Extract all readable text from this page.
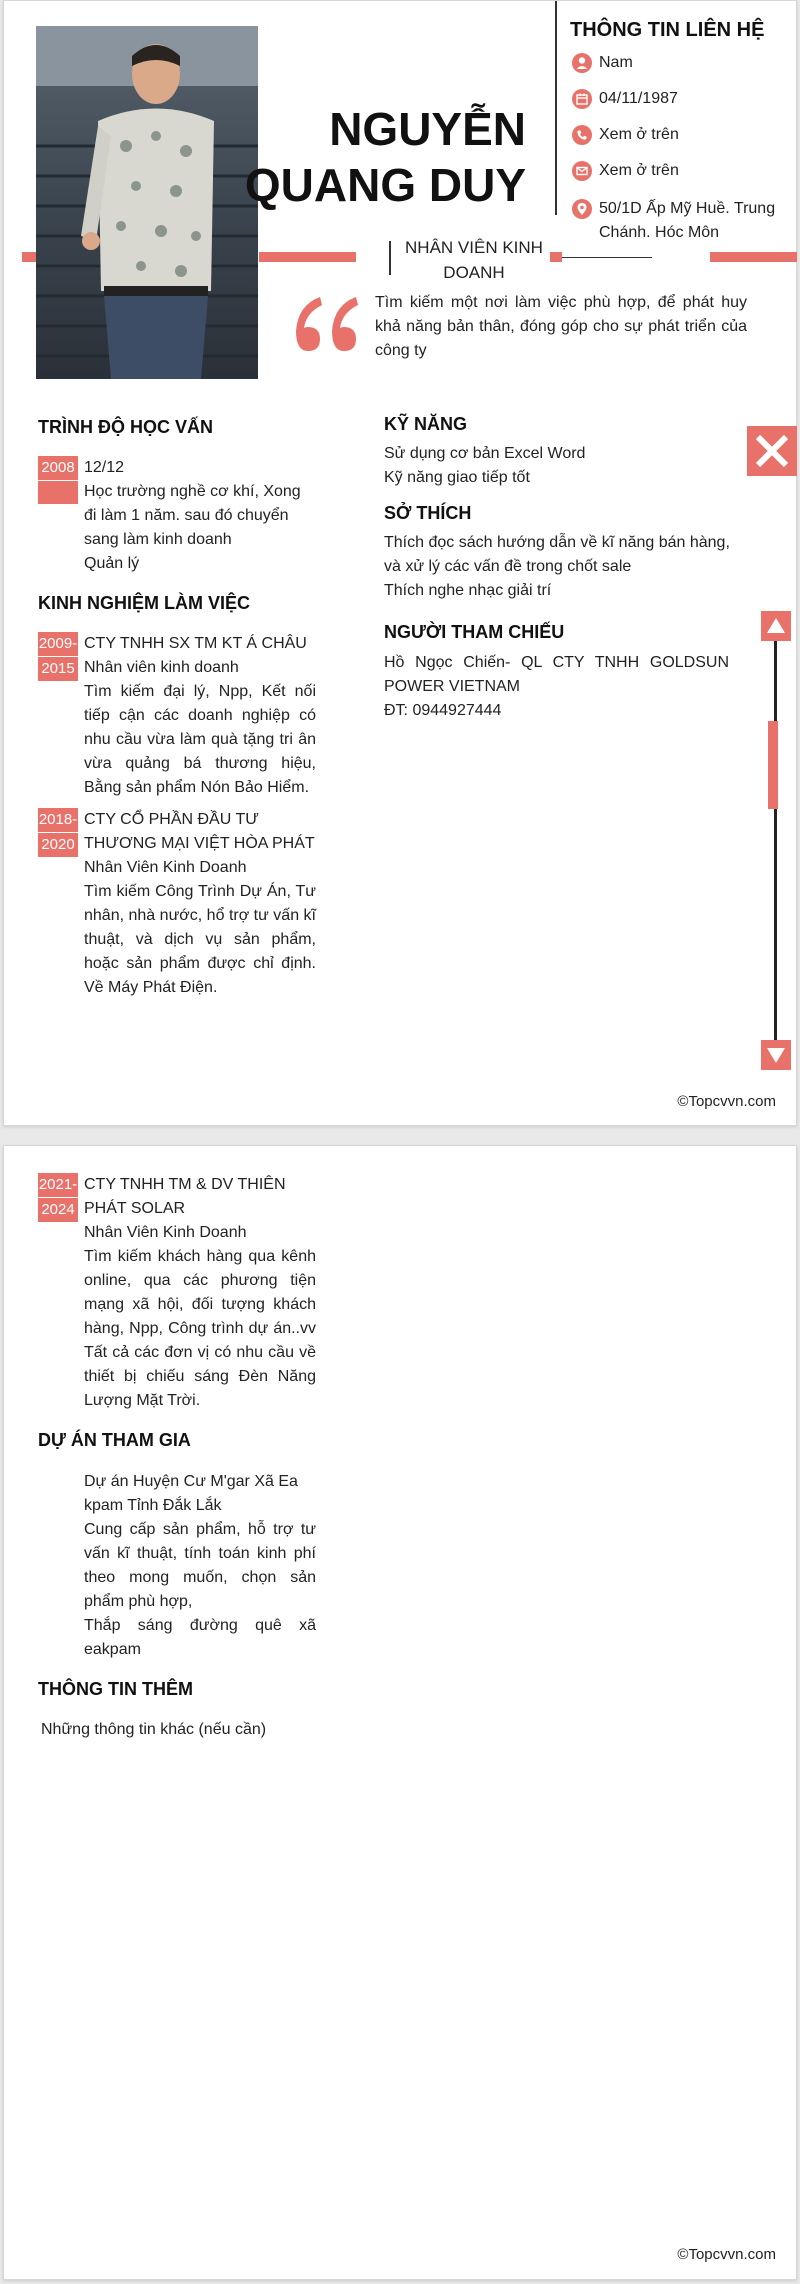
NGUYỄN
QUANG DUY
NHÂN VIÊN KINH DOANH
Tìm kiếm một nơi làm việc phù hợp, để phát huy khả năng bản thân, đóng góp cho sự phát triển của công ty
THÔNG TIN LIÊN HỆ
Nam
04/11/1987
Xem ở trên
Xem ở trên
50/1D Ấp Mỹ Huề. Trung Chánh. Hóc Môn
TRÌNH ĐỘ HỌC VẤN
2008 12/12
Học trường nghề cơ khí, Xong đi làm 1 năm. sau đó chuyển sang làm kinh doanh
Quản lý
KINH NGHIỆM LÀM VIỆC
2009-
2015
CTY TNHH SX TM KT Á CHÂU
Nhân viên kinh doanh
Tìm kiếm đại lý, Npp, Kết nối tiếp cận các doanh nghiệp có nhu cầu vừa làm quà tặng tri ân vừa quảng bá thương hiệu, Bằng sản phẩm Nón Bảo Hiểm.
2018-
2020
CTY CỔ PHẦN ĐẦU TƯ THƯƠNG MẠI VIỆT HÒA PHÁT
Nhân Viên Kinh Doanh
Tìm kiếm Công Trình Dự Án, Tư nhân, nhà nước, hổ trợ tư vấn kĩ thuật, và dịch vụ sản phẩm, hoặc sản phẩm được chỉ định. Về Máy Phát Điện.
KỸ NĂNG
Sử dụng cơ bản Excel Word
Kỹ năng giao tiếp tốt
SỞ THÍCH
Thích đọc sách hướng dẫn về kĩ năng bán hàng, và xử lý các vấn đề trong chốt sale
Thích nghe nhạc giải trí
NGƯỜI THAM CHIẾU
Hồ Ngọc Chiến- QL CTY TNHH GOLDSUN POWER VIETNAM
ĐT: 0944927444
©Topcvvn.com
2021-
2024
CTY TNHH TM & DV THIÊN PHÁT SOLAR
Nhân Viên Kinh Doanh
Tìm kiếm khách hàng qua kênh online, qua các phương tiện mạng xã hội, đối tượng khách hàng, Npp, Công trình dự án..vv Tất cả các đơn vị có nhu cầu về thiết bị chiếu sáng Đèn Năng Lượng Mặt Trời.
DỰ ÁN THAM GIA
Dự án Huyện Cư M'gar Xã Ea kpam Tỉnh Đắk Lắk
Cung cấp sản phẩm, hỗ trợ tư vấn kĩ thuật, tính toán kinh phí theo mong muốn, chọn sản phẩm phù hợp,
Thắp sáng đường quê xã eakpam
THÔNG TIN THÊM
Những thông tin khác (nếu cần)
©Topcvvn.com
